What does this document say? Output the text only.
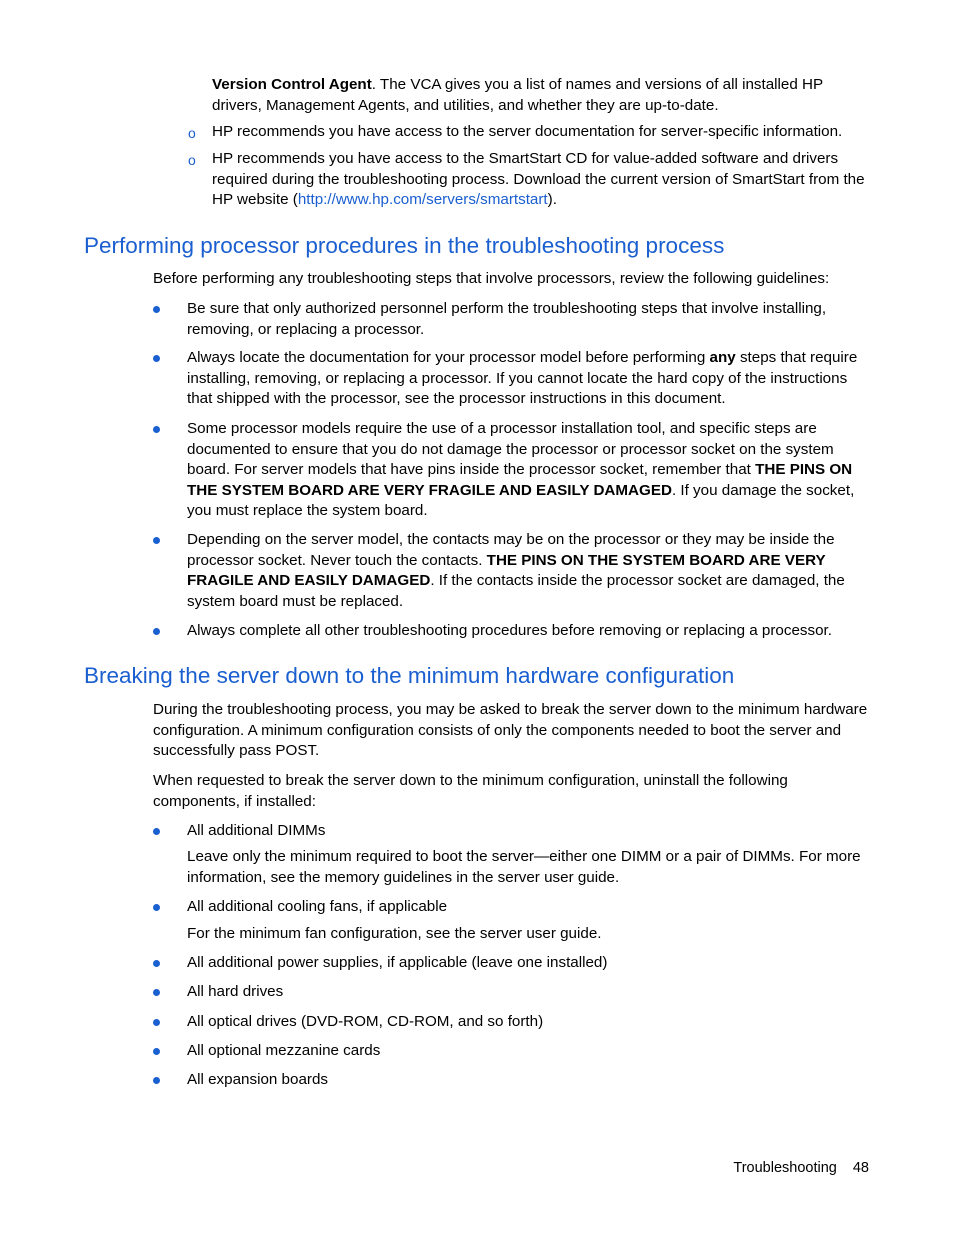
Version Control Agent. The VCA gives you a list of names and versions of all installed HP drivers, Management Agents, and utilities, and whether they are up-to-date.
o HP recommends you have access to the server documentation for server-specific information.
o HP recommends you have access to the SmartStart CD for value-added software and drivers required during the troubleshooting process. Download the current version of SmartStart from the HP website (http://www.hp.com/servers/smartstart).
Performing processor procedures in the troubleshooting process
Before performing any troubleshooting steps that involve processors, review the following guidelines:
Be sure that only authorized personnel perform the troubleshooting steps that involve installing, removing, or replacing a processor.
Always locate the documentation for your processor model before performing any steps that require installing, removing, or replacing a processor. If you cannot locate the hard copy of the instructions that shipped with the processor, see the processor instructions in this document.
Some processor models require the use of a processor installation tool, and specific steps are documented to ensure that you do not damage the processor or processor socket on the system board. For server models that have pins inside the processor socket, remember that THE PINS ON THE SYSTEM BOARD ARE VERY FRAGILE AND EASILY DAMAGED. If you damage the socket, you must replace the system board.
Depending on the server model, the contacts may be on the processor or they may be inside the processor socket. Never touch the contacts. THE PINS ON THE SYSTEM BOARD ARE VERY FRAGILE AND EASILY DAMAGED. If the contacts inside the processor socket are damaged, the system board must be replaced.
Always complete all other troubleshooting procedures before removing or replacing a processor.
Breaking the server down to the minimum hardware configuration
During the troubleshooting process, you may be asked to break the server down to the minimum hardware configuration. A minimum configuration consists of only the components needed to boot the server and successfully pass POST.
When requested to break the server down to the minimum configuration, uninstall the following components, if installed:
All additional DIMMs
Leave only the minimum required to boot the server—either one DIMM or a pair of DIMMs. For more information, see the memory guidelines in the server user guide.
All additional cooling fans, if applicable
For the minimum fan configuration, see the server user guide.
All additional power supplies, if applicable (leave one installed)
All hard drives
All optical drives (DVD-ROM, CD-ROM, and so forth)
All optional mezzanine cards
All expansion boards
Troubleshooting 48
